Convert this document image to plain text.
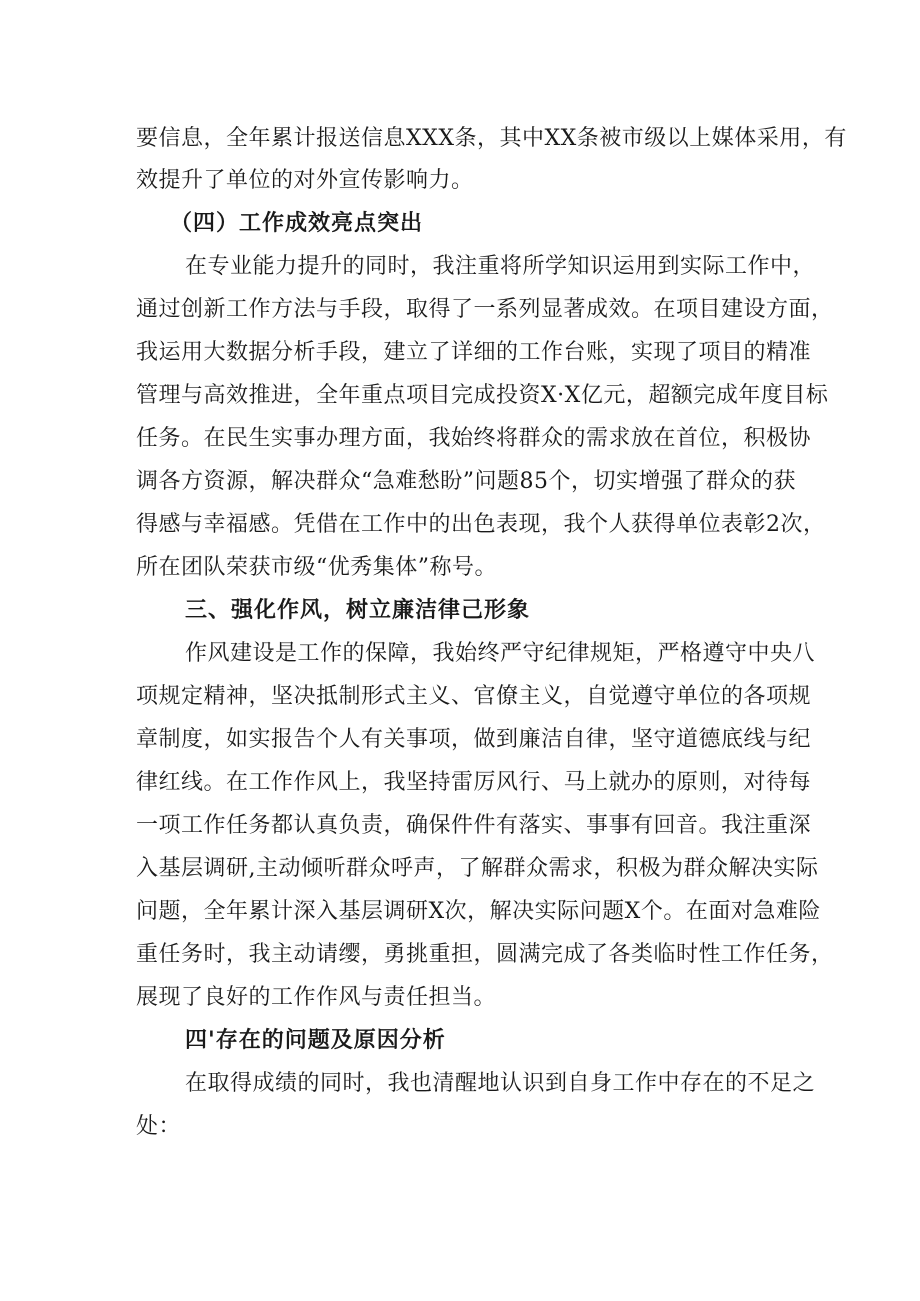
要信息，全年累计报送信息XXX条，其中XX条被市级以上媒体采用，有
效提升了单位的对外宣传影响力。
（四）工作成效亮点突出
在专业能力提升的同时，我注重将所学知识运用到实际工作中，
通过创新工作方法与手段，取得了一系列显著成效。在项目建设方面，
我运用大数据分析手段，建立了详细的工作台账，实现了项目的精准
管理与高效推进，全年重点项目完成投资X·X亿元，超额完成年度目标
任务。在民生实事办理方面，我始终将群众的需求放在首位，积极协
调各方资源，解决群众“急难愁盼”问题85个，切实增强了群众的获
得感与幸福感。凭借在工作中的出色表现，我个人获得单位表彰2次，
所在团队荣获市级“优秀集体”称号。
三、强化作风，树立廉洁律己形象
作风建设是工作的保障，我始终严守纪律规矩，严格遵守中央八
项规定精神，坚决抵制形式主义、官僚主义，自觉遵守单位的各项规
章制度，如实报告个人有关事项，做到廉洁自律，坚守道德底线与纪
律红线。在工作作风上，我坚持雷厉风行、马上就办的原则，对待每
一项工作任务都认真负责，确保件件有落实、事事有回音。我注重深
入基层调研,主动倾听群众呼声，了解群众需求，积极为群众解决实际
问题，全年累计深入基层调研X次，解决实际问题X个。在面对急难险
重任务时，我主动请缨，勇挑重担，圆满完成了各类临时性工作任务，
展现了良好的工作作风与责任担当。
四'存在的问题及原因分析
在取得成绩的同时，我也清醒地认识到自身工作中存在的不足之
处：
